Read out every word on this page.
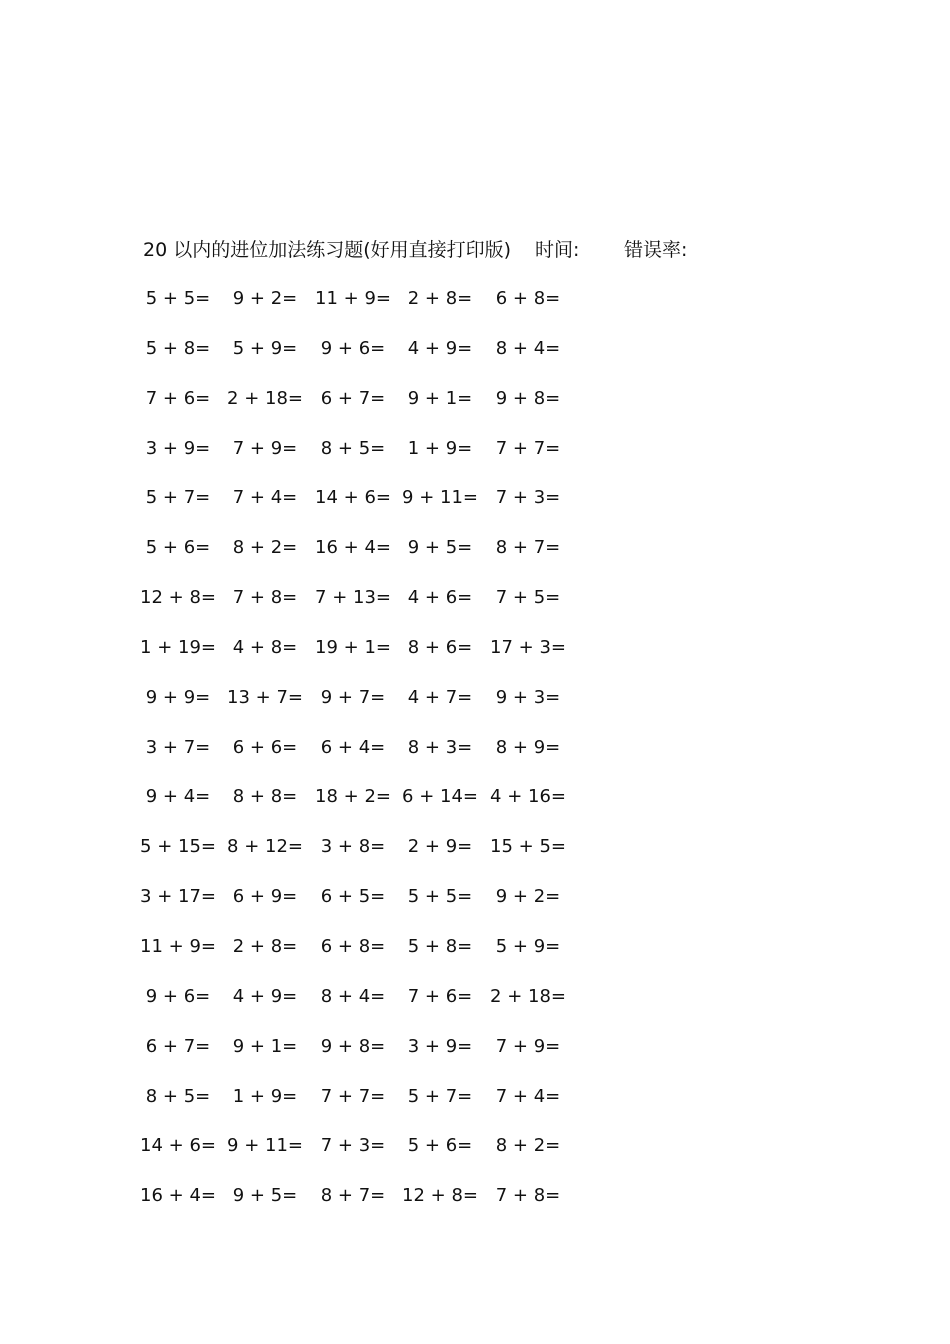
20 以内的进位加法练习题(好用直接打印版) 时间: 错误率:
5 + 5=	9 + 2= 11 + 9= 2 + 8=	6 + 8=
5 + 8=	5 + 9=	9 + 6=	4 + 9=	8 + 4=
7 + 6= 2 + 18= 6 + 7=	9 + 1=	9 + 8=
3 + 9=	7 + 9=	8 + 5=	1 + 9=	7 + 7=
5 + 7=	7 + 4= 14 + 6= 9 + 11= 7 + 3=
5 + 6=	8 + 2= 16 + 4= 9 + 5=	8 + 7=
12 + 8= 7 + 8= 7 + 13= 4 + 6=	7 + 5=
1 + 19= 4 + 8= 19 + 1= 8 + 6= 17 + 3=
9 + 9= 13 + 7= 9 + 7=	4 + 7=	9 + 3=
3 + 7=	6 + 6=	6 + 4=	8 + 3=	8 + 9=
9 + 4=	8 + 8= 18 + 2= 6 + 14= 4 + 16=
5 + 15= 8 + 12= 3 + 8=	2 + 9= 15 + 5=
3 + 17= 6 + 9=	6 + 5=	5 + 5=	9 + 2=
11 + 9= 2 + 8=	6 + 8=	5 + 8=	5 + 9=
9 + 6=	4 + 9=	8 + 4=	7 + 6= 2 + 18=
6 + 7=	9 + 1=	9 + 8=	3 + 9=	7 + 9=
8 + 5=	1 + 9=	7 + 7=	5 + 7=	7 + 4=
14 + 6= 9 + 11= 7 + 3=	5 + 6=	8 + 2=
16 + 4= 9 + 5=	8 + 7= 12 + 8= 7 + 8=
